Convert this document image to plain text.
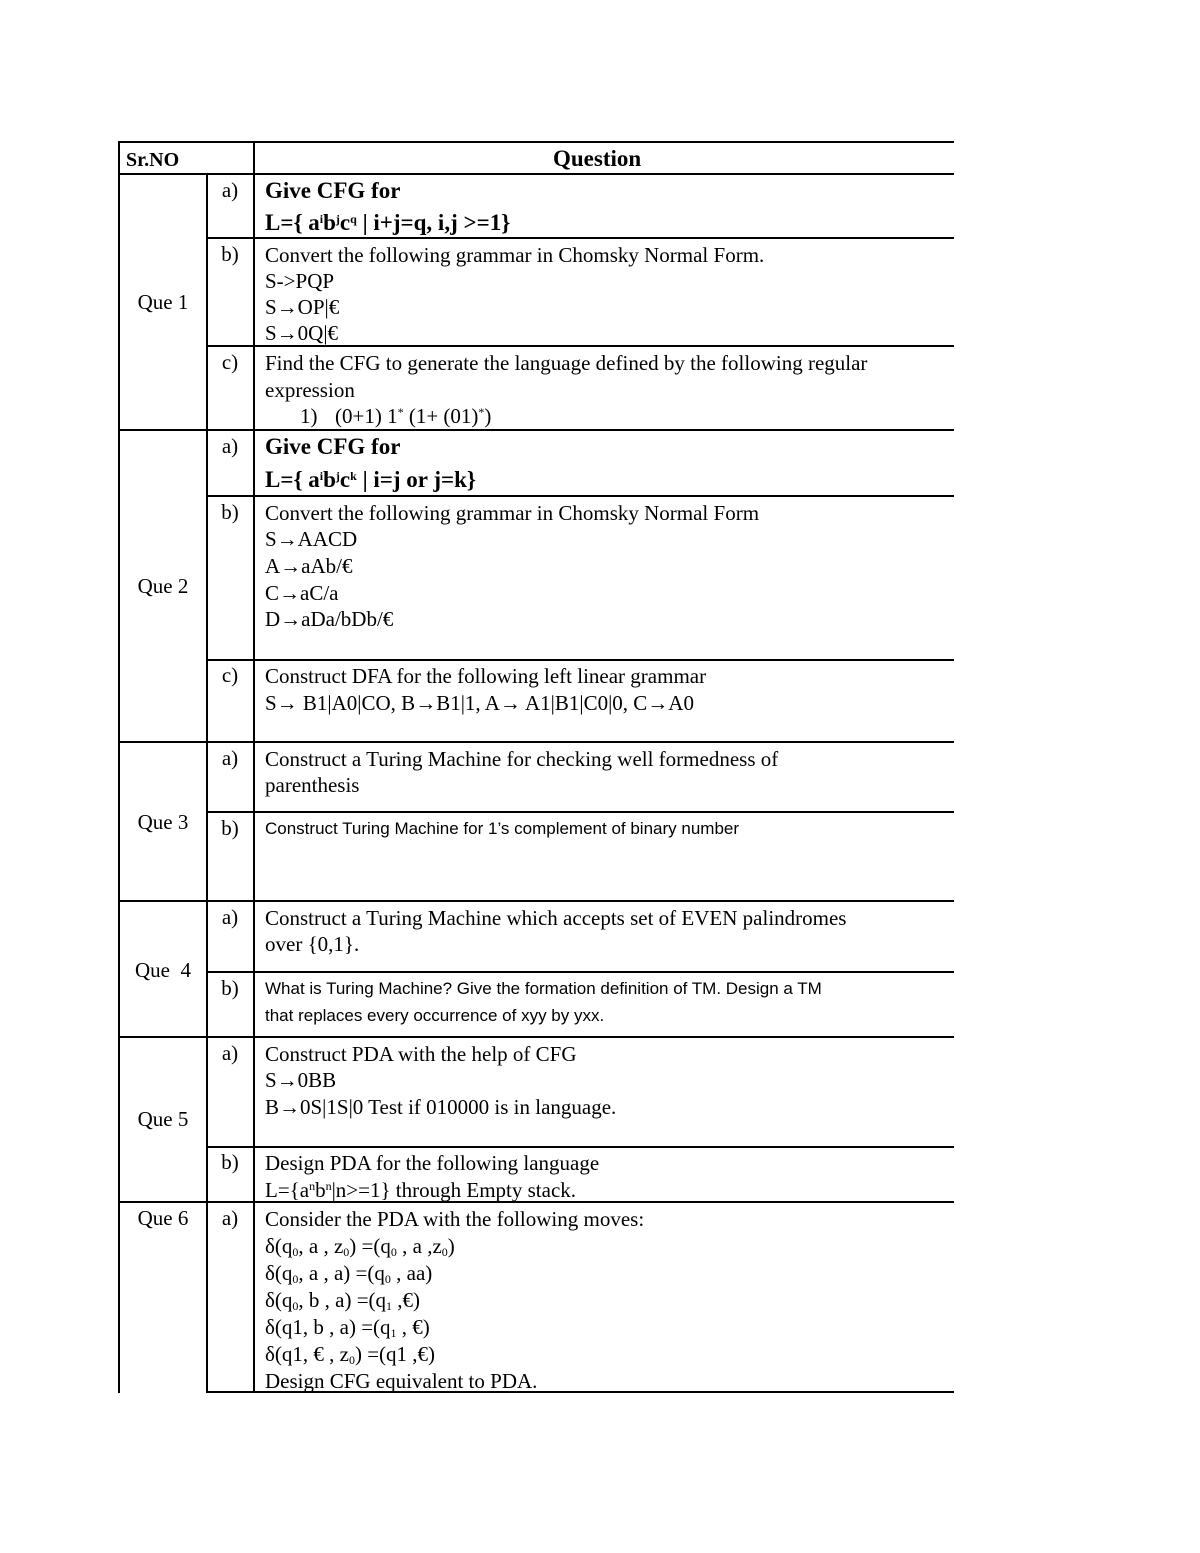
Sr.NO	Question
Que 1
a)	Give CFG for
L={ $a^ib^jc^q$ | i+j=q, i,j >=1}
b)	Convert the following grammar in Chomsky Normal Form.
S->PQP
S→OP|€
S→0Q|€
c)	Find the CFG to generate the language defined by the following regular
expression
1) (0+1) 1* (1+ (01)*)
Que 2
a)	Give CFG for
L={ $a^ib^jc^k$ | i=j or j=k}
b)	Convert the following grammar in Chomsky Normal Form
S→AACD
A→aAb/€
C→aC/a
D→aDa/bDb/€
c)	Construct DFA for the following left linear grammar
S→ B1|A0|CO, B→B1|1, A→ A1|B1|C0|0, C→A0
Que 3
a)	Construct a Turing Machine for checking well formedness of
parenthesis
b)	Construct Turing Machine for 1’s complement of binary number
Que  4
a)	Construct a Turing Machine which accepts set of EVEN palindromes
over {0,1}.
b)	What is Turing Machine? Give the formation definition of TM. Design a TM
that replaces every occurrence of xyy by yxx.
Que 5
a)	Construct PDA with the help of CFG
S→0BB
B→0S|1S|0 Test if 010000 is in language.
b)	Design PDA for the following language
$L=\{a^nb^n|n>=1\}$ through Empty stack.
Que 6	a)	Consider the PDA with the following moves:
$\delta(q_0$, a , $z_0) =(q_0$ , a $,z_0$)
$\delta(q_0$, a , $a) =(q_0$ , aa)
$\delta(q_0$, b , $a) =(q_1$ ,€)
δ(q1, b , $a) =(q_1$ , €)
δ(q1, € , $z_0) =(q1$ ,€)
Design CFG equivalent to PDA.
